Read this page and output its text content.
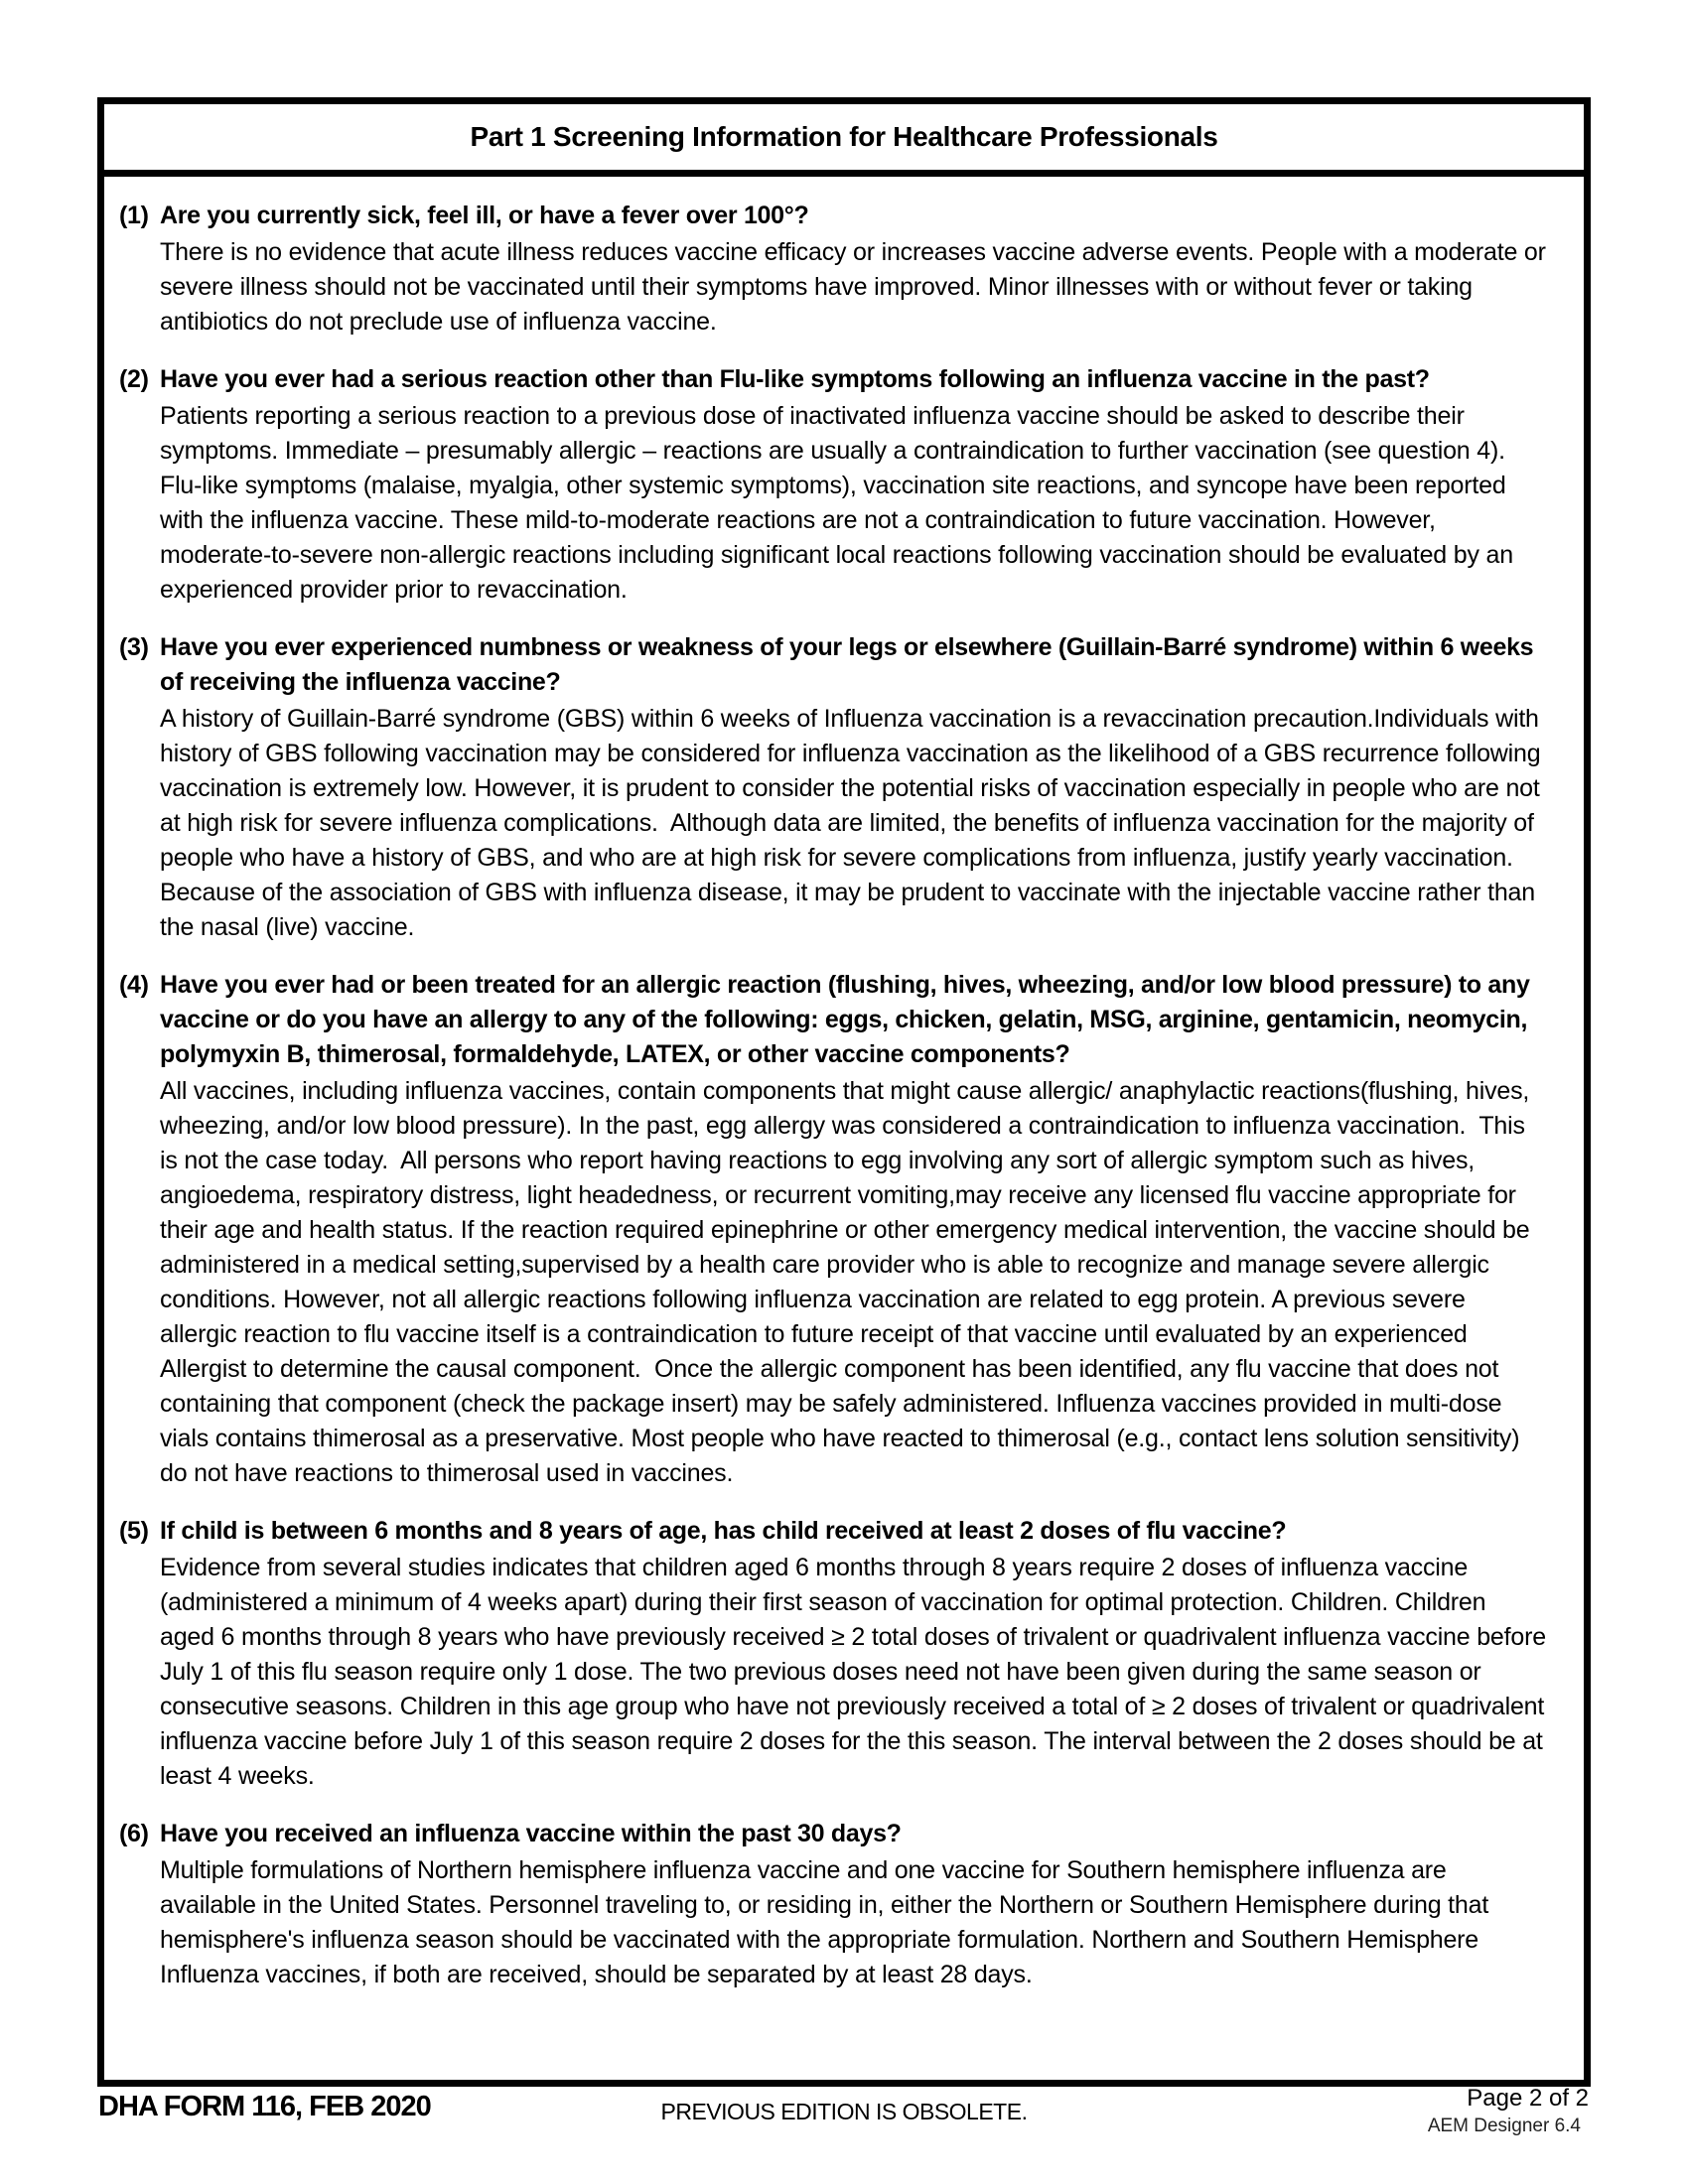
Part 1 Screening Information for Healthcare Professionals
(1) Are you currently sick, feel ill, or have a fever over 100°?

There is no evidence that acute illness reduces vaccine efficacy or increases vaccine adverse events. People with a moderate or severe illness should not be vaccinated until their symptoms have improved. Minor illnesses with or without fever or taking antibiotics do not preclude use of influenza vaccine.

(2) Have you ever had a serious reaction other than Flu-like symptoms following an influenza vaccine in the past?

Patients reporting a serious reaction to a previous dose of inactivated influenza vaccine should be asked to describe their symptoms. Immediate – presumably allergic – reactions are usually a contraindication to further vaccination (see question 4). Flu-like symptoms (malaise, myalgia, other systemic symptoms), vaccination site reactions, and syncope have been reported with the influenza vaccine. These mild-to-moderate reactions are not a contraindication to future vaccination. However, moderate-to-severe non-allergic reactions including significant local reactions following vaccination should be evaluated by an experienced provider prior to revaccination.

(3) Have you ever experienced numbness or weakness of your legs or elsewhere (Guillain-Barré syndrome) within 6 weeks of receiving the influenza vaccine?

A history of Guillain-Barré syndrome (GBS) within 6 weeks of Influenza vaccination is a revaccination precaution.Individuals with history of GBS following vaccination may be considered for influenza vaccination as the likelihood of a GBS recurrence following vaccination is extremely low. However, it is prudent to consider the potential risks of vaccination especially in people who are not at high risk for severe influenza complications.  Although data are limited, the benefits of influenza vaccination for the majority of people who have a history of GBS, and who are at high risk for severe complications from influenza, justify yearly vaccination. Because of the association of GBS with influenza disease, it may be prudent to vaccinate with the injectable vaccine rather than the nasal (live) vaccine.

(4) Have you ever had or been treated for an allergic reaction (flushing, hives, wheezing, and/or low blood pressure) to any vaccine or do you have an allergy to any of the following: eggs, chicken, gelatin, MSG, arginine, gentamicin, neomycin, polymyxin B, thimerosal, formaldehyde, LATEX, or other vaccine components?

All vaccines, including influenza vaccines, contain components that might cause allergic/ anaphylactic reactions(flushing, hives, wheezing, and/or low blood pressure). In the past, egg allergy was considered a contraindication to influenza vaccination.  This is not the case today.  All persons who report having reactions to egg involving any sort of allergic symptom such as hives, angioedema, respiratory distress, light headedness, or recurrent vomiting,may receive any licensed flu vaccine appropriate for their age and health status. If the reaction required epinephrine or other emergency medical intervention, the vaccine should be administered in a medical setting,supervised by a health care provider who is able to recognize and manage severe allergic conditions. However, not all allergic reactions following influenza vaccination are related to egg protein. A previous severe allergic reaction to flu vaccine itself is a contraindication to future receipt of that vaccine until evaluated by an experienced Allergist to determine the causal component.  Once the allergic component has been identified, any flu vaccine that does not containing that component (check the package insert) may be safely administered. Influenza vaccines provided in multi-dose vials contains thimerosal as a preservative. Most people who have reacted to thimerosal (e.g., contact lens solution sensitivity) do not have reactions to thimerosal used in vaccines.

(5) If child is between 6 months and 8 years of age, has child received at least 2 doses of flu vaccine?

Evidence from several studies indicates that children aged 6 months through 8 years require 2 doses of influenza vaccine (administered a minimum of 4 weeks apart) during their first season of vaccination for optimal protection. Children. Children aged 6 months through 8 years who have previously received ≥ 2 total doses of trivalent or quadrivalent influenza vaccine before July 1 of this flu season require only 1 dose. The two previous doses need not have been given during the same season or consecutive seasons. Children in this age group who have not previously received a total of ≥ 2 doses of trivalent or quadrivalent influenza vaccine before July 1 of this season require 2 doses for the this season. The interval between the 2 doses should be at least 4 weeks.

(6) Have you received an influenza vaccine within the past 30 days?

Multiple formulations of Northern hemisphere influenza vaccine and one vaccine for Southern hemisphere influenza are available in the United States. Personnel traveling to, or residing in, either the Northern or Southern Hemisphere during that hemisphere's influenza season should be vaccinated with the appropriate formulation. Northern and Southern Hemisphere Influenza vaccines, if both are received, should be separated by at least 28 days.

DHA FORM 116, FEB 2020	PREVIOUS EDITION IS OBSOLETE.	Page 2 of 2
AEM Designer 6.4
